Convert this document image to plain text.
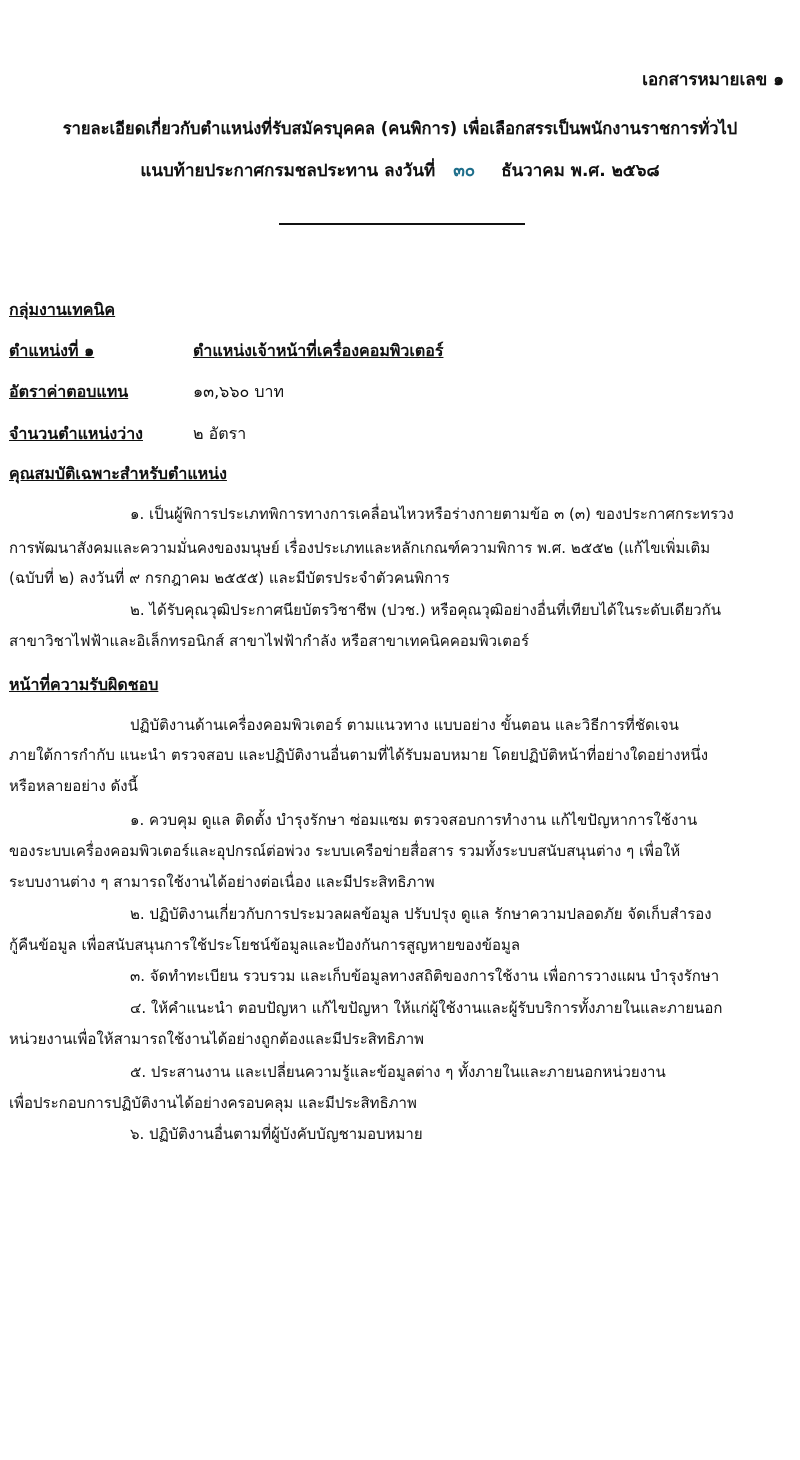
เอกสารหมายเลข ๑
รายละเอียดเกี่ยวกับตำแหน่งที่รับสมัครบุคคล (คนพิการ) เพื่อเลือกสรรเป็นพนักงานราชการทั่วไป
แนบท้ายประกาศกรมชลประทาน ลงวันที่ ๓๐ ธันวาคม พ.ศ. ๒๕๖๘
กลุ่มงานเทคนิค
ตำแหน่งที่ ๑	ตำแหน่งเจ้าหน้าที่เครื่องคอมพิวเตอร์
อัตราค่าตอบแทน	๑๓,๖๖๐ บาท
จำนวนตำแหน่งว่าง	๒ อัตรา
คุณสมบัติเฉพาะสำหรับตำแหน่ง
๑. เป็นผู้พิการประเภทพิการทางการเคลื่อนไหวหรือร่างกายตามข้อ ๓ (๓) ของประกาศกระทรวง
การพัฒนาสังคมและความมั่นคงของมนุษย์ เรื่องประเภทและหลักเกณฑ์ความพิการ พ.ศ. ๒๕๕๒ (แก้ไขเพิ่มเติม
(ฉบับที่ ๒) ลงวันที่ ๙ กรกฎาคม ๒๕๕๕) และมีบัตรประจำตัวคนพิการ
๒. ได้รับคุณวุฒิประกาศนียบัตรวิชาชีพ (ปวช.) หรือคุณวุฒิอย่างอื่นที่เทียบได้ในระดับเดียวกัน
สาขาวิชาไฟฟ้าและอิเล็กทรอนิกส์ สาขาไฟฟ้ากำลัง หรือสาขาเทคนิคคอมพิวเตอร์
หน้าที่ความรับผิดชอบ
ปฏิบัติงานด้านเครื่องคอมพิวเตอร์ ตามแนวทาง แบบอย่าง ขั้นตอน และวิธีการที่ชัดเจน
ภายใต้การกำกับ แนะนำ ตรวจสอบ และปฏิบัติงานอื่นตามที่ได้รับมอบหมาย โดยปฏิบัติหน้าที่อย่างใดอย่างหนึ่ง
หรือหลายอย่าง ดังนี้
๑. ควบคุม ดูแล ติดตั้ง บำรุงรักษา ซ่อมแซม ตรวจสอบการทำงาน แก้ไขปัญหาการใช้งาน
ของระบบเครื่องคอมพิวเตอร์และอุปกรณ์ต่อพ่วง ระบบเครือข่ายสื่อสาร รวมทั้งระบบสนับสนุนต่าง ๆ เพื่อให้
ระบบงานต่าง ๆ สามารถใช้งานได้อย่างต่อเนื่อง และมีประสิทธิภาพ
๒. ปฏิบัติงานเกี่ยวกับการประมวลผลข้อมูล ปรับปรุง ดูแล รักษาความปลอดภัย จัดเก็บสำรอง
กู้คืนข้อมูล เพื่อสนับสนุนการใช้ประโยชน์ข้อมูลและป้องกันการสูญหายของข้อมูล
๓. จัดทำทะเบียน รวบรวม และเก็บข้อมูลทางสถิติของการใช้งาน เพื่อการวางแผน บำรุงรักษา
๔. ให้คำแนะนำ ตอบปัญหา แก้ไขปัญหา ให้แก่ผู้ใช้งานและผู้รับบริการทั้งภายในและภายนอก
หน่วยงานเพื่อให้สามารถใช้งานได้อย่างถูกต้องและมีประสิทธิภาพ
๕. ประสานงาน และเปลี่ยนความรู้และข้อมูลต่าง ๆ ทั้งภายในและภายนอกหน่วยงาน
เพื่อประกอบการปฏิบัติงานได้อย่างครอบคลุม และมีประสิทธิภาพ
๖. ปฏิบัติงานอื่นตามที่ผู้บังคับบัญชามอบหมาย
